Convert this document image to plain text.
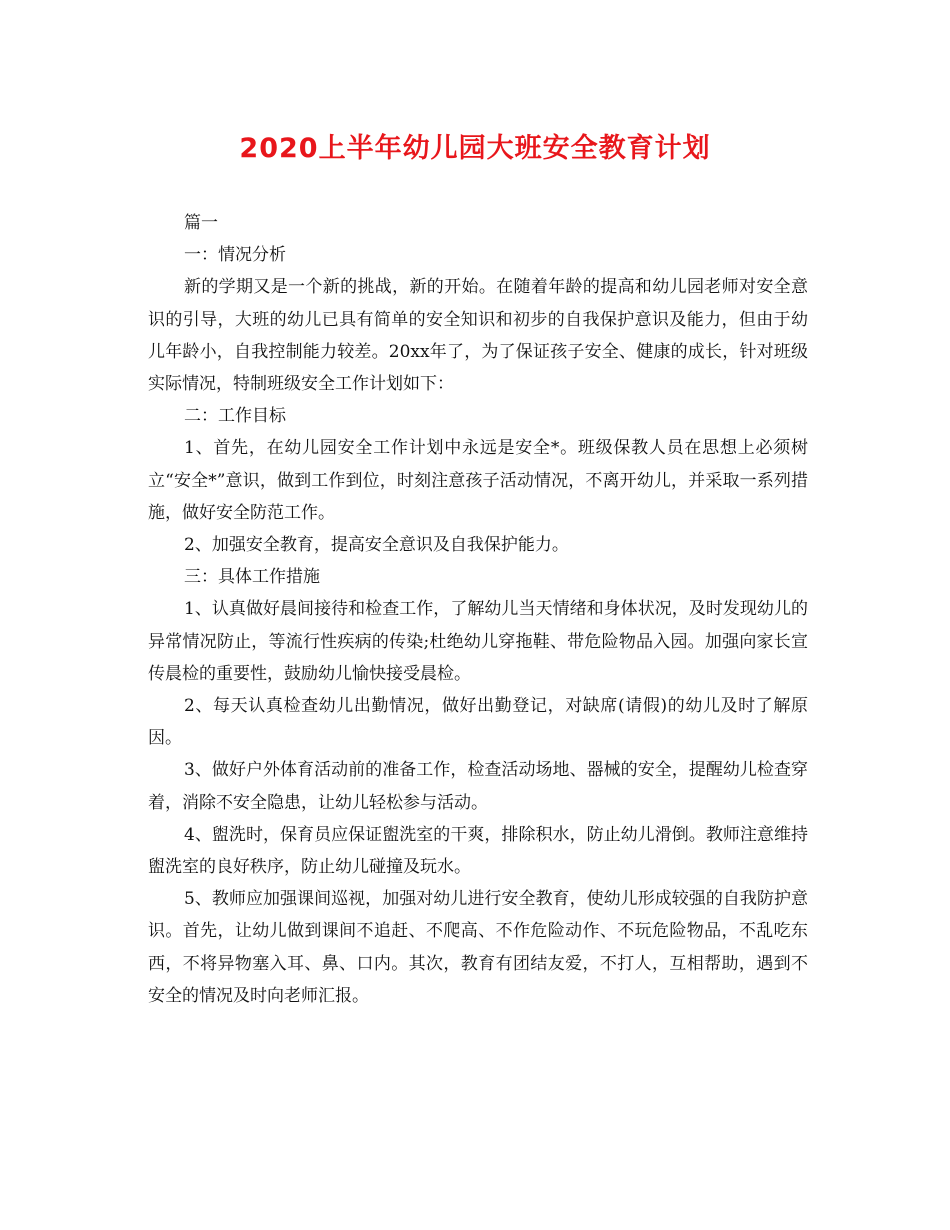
2020上半年幼儿园大班安全教育计划

篇一

一：情况分析

新的学期又是一个新的挑战，新的开始。在随着年龄的提高和幼儿园老师对安全意识的引导，大班的幼儿已具有简单的安全知识和初步的自我保护意识及能力，但由于幼儿年龄小，自我控制能力较差。20xx年了，为了保证孩子安全、健康的成长，针对班级实际情况，特制班级安全工作计划如下：

二：工作目标

1、首先，在幼儿园安全工作计划中永远是安全*。班级保教人员在思想上必须树立“安全*”意识，做到工作到位，时刻注意孩子活动情况，不离开幼儿，并采取一系列措施，做好安全防范工作。

2、加强安全教育，提高安全意识及自我保护能力。

三：具体工作措施

1、认真做好晨间接待和检查工作，了解幼儿当天情绪和身体状况，及时发现幼儿的异常情况防止，等流行性疾病的传染;杜绝幼儿穿拖鞋、带危险物品入园。加强向家长宣传晨检的重要性，鼓励幼儿愉快接受晨检。

2、每天认真检查幼儿出勤情况，做好出勤登记，对缺席(请假)的幼儿及时了解原因。

3、做好户外体育活动前的准备工作，检查活动场地、器械的安全，提醒幼儿检查穿着，消除不安全隐患，让幼儿轻松参与活动。

4、盥洗时，保育员应保证盥洗室的干爽，排除积水，防止幼儿滑倒。教师注意维持盥洗室的良好秩序，防止幼儿碰撞及玩水。

5、教师应加强课间巡视，加强对幼儿进行安全教育，使幼儿形成较强的自我防护意识。首先，让幼儿做到课间不追赶、不爬高、不作危险动作、不玩危险物品，不乱吃东西，不将异物塞入耳、鼻、口内。其次，教育有团结友爱，不打人，互相帮助，遇到不安全的情况及时向老师汇报。
